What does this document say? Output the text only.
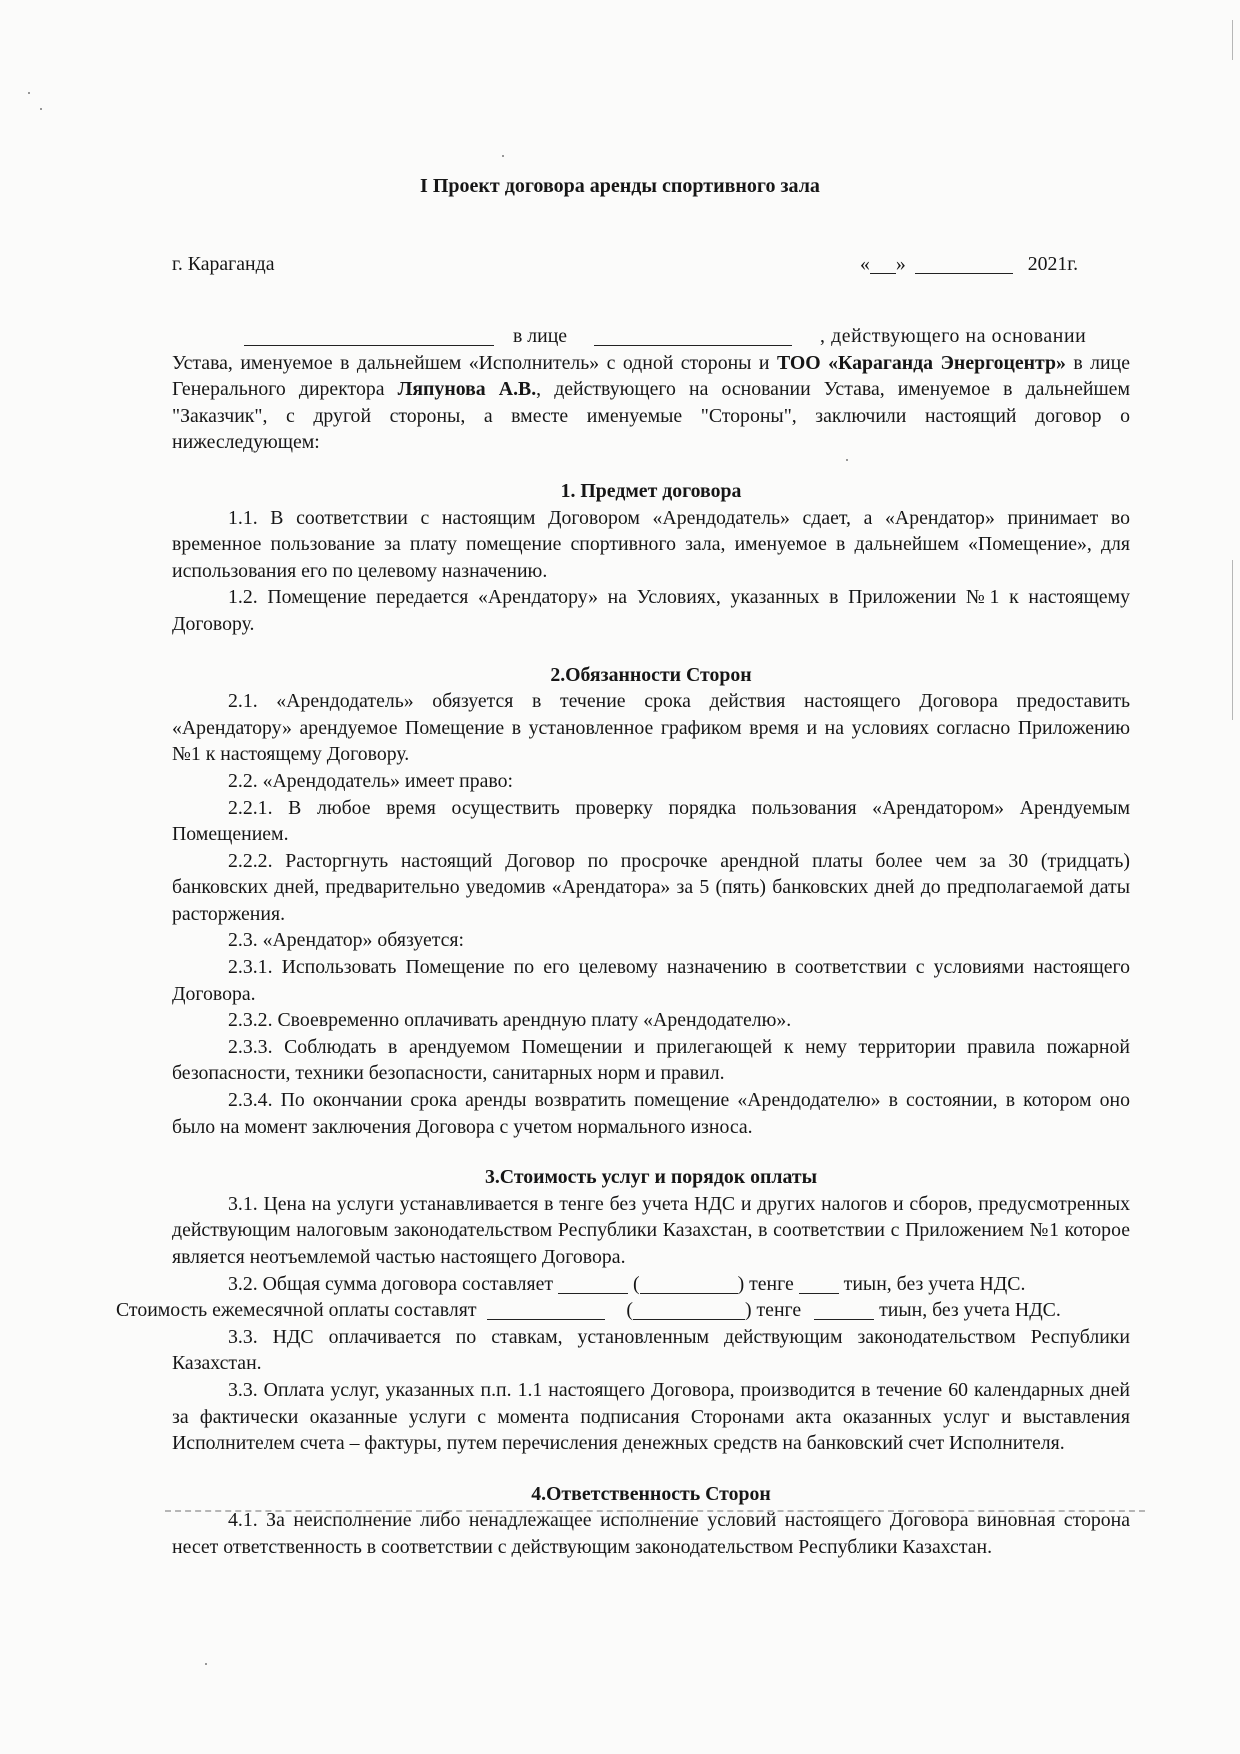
I Проект договора аренды спортивного зала
г. Караганда	« »	2021г.

в лице	, действующего на основании

Устава, именуемое в дальнейшем «Исполнитель» с одной стороны и ТОО «Караганда Энергоцентр» в лице Генерального директора Ляпунова А.В., действующего на основании Устава, именуемое в дальнейшем "Заказчик", с другой стороны, а вместе именуемые "Стороны", заключили настоящий договор о нижеследующем:

1. Предмет договора

1.1. В соответствии с настоящим Договором «Арендодатель» сдает, а «Арендатор» принимает во временное пользование за плату помещение спортивного зала, именуемое в дальнейшем «Помещение», для использования его по целевому назначению.

1.2. Помещение передается «Арендатору» на Условиях, указанных в Приложении №1 к настоящему Договору.

2.Обязанности Сторон

2.1. «Арендодатель» обязуется в течение срока действия настоящего Договора предоставить «Арендатору» арендуемое Помещение в установленное графиком время и на условиях согласно Приложению №1 к настоящему Договору.

2.2. «Арендодатель» имеет право:

2.2.1. В любое время осуществить проверку порядка пользования «Арендатором» Арендуемым Помещением.

2.2.2. Расторгнуть настоящий Договор по просрочке арендной платы более чем за 30 (тридцать) банковских дней, предварительно уведомив «Арендатора» за 5 (пять) банковских дней до предполагаемой даты расторжения.

2.3. «Арендатор» обязуется:

2.3.1. Использовать Помещение по его целевому назначению в соответствии с условиями настоящего Договора.

2.3.2. Своевременно оплачивать арендную плату «Арендодателю».

2.3.3. Соблюдать в арендуемом Помещении и прилегающей к нему территории правила пожарной безопасности, техники безопасности, санитарных норм и правил.

2.3.4. По окончании срока аренды возвратить помещение «Арендодателю» в состоянии, в котором оно было на момент заключения Договора с учетом нормального износа.

3.Стоимость услуг и порядок оплаты

3.1. Цена на услуги устанавливается в тенге без учета НДС и других налогов и сборов, предусмотренных действующим налоговым законодательством Республики Казахстан, в соответствии с Приложением №1 которое является неотъемлемой частью настоящего Договора.

3.2. Общая сумма договора составляет	(	) тенге	тиын, без учета НДС.
Стоимость ежемесячной оплаты составлят	(	) тенге	тиын, без учета НДС.

3.3. НДС оплачивается по ставкам, установленным действующим законодательством Республики Казахстан.

3.3. Оплата услуг, указанных п.п. 1.1 настоящего Договора, производится в течение 60 календарных дней за фактически оказанные услуги с момента подписания Сторонами акта оказанных услуг и выставления Исполнителем счета – фактуры, путем перечисления денежных средств на банковский счет Исполнителя.

4.Ответственность Сторон

4.1. За неисполнение либо ненадлежащее исполнение условий настоящего Договора виновная сторона несет ответственность в соответствии с действующим законодательством Республики Казахстан.
